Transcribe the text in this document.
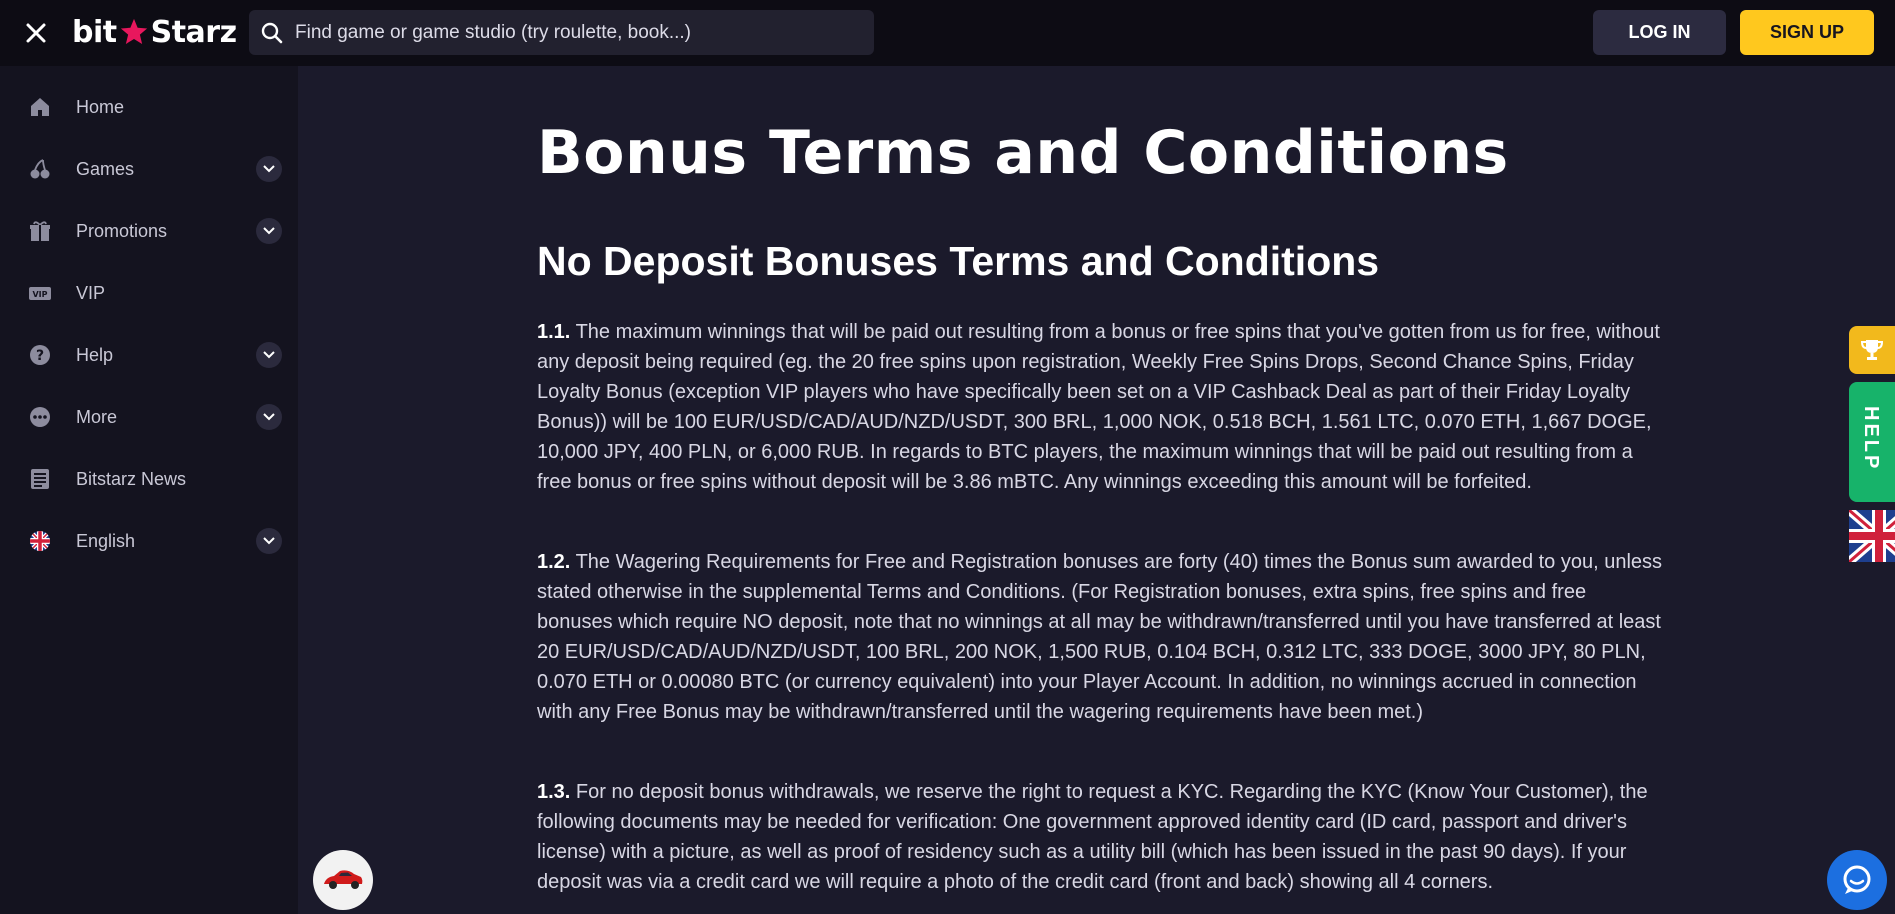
bit Starz
Find game or game studio (try roulette, book...)	LOG IN	SIGN UP
Home
Games
Promotions
VIP VIP
? Help
More
Bitstarz News
English
Bonus Terms and Conditions
No Deposit Bonuses Terms and Conditions

1.1. The maximum winnings that will be paid out resulting from a bonus or free spins that you've gotten from us for free, without any deposit being required (eg. the 20 free spins upon registration, Weekly Free Spins Drops, Second Chance Spins, Friday Loyalty Bonus (exception VIP players who have specifically been set on a VIP Cashback Deal as part of their Friday Loyalty Bonus)) will be 100 EUR/USD/CAD/AUD/NZD/USDT, 300 BRL, 1,000 NOK, 0.518 BCH, 1.561 LTC, 0.070 ETH, 1,667 DOGE, 10,000 JPY, 400 PLN, or 6,000 RUB. In regards to BTC players, the maximum winnings that will be paid out resulting from a free bonus or free spins without deposit will be 3.86 mBTC. Any winnings exceeding this amount will be forfeited.

1.2. The Wagering Requirements for Free and Registration bonuses are forty (40) times the Bonus sum awarded to you, unless stated otherwise in the supplemental Terms and Conditions. (For Registration bonuses, extra spins, free spins and free bonuses which require NO deposit, note that no winnings at all may be withdrawn/transferred until you have transferred at least 20 EUR/USD/CAD/AUD/NZD/USDT, 100 BRL, 200 NOK, 1,500 RUB, 0.104 BCH, 0.312 LTC, 333 DOGE, 3000 JPY, 80 PLN, 0.070 ETH or 0.00080 BTC (or currency equivalent) into your Player Account. In addition, no winnings accrued in connection with any Free Bonus may be withdrawn/transferred until the wagering requirements have been met.)

1.3. For no deposit bonus withdrawals, we reserve the right to request a KYC. Regarding the KYC (Know Your Customer), the following documents may be needed for verification: One government approved identity card (ID card, passport and driver's license) with a picture, as well as proof of residency such as a utility bill (which has been issued in the past 90 days). If your deposit was via a credit card we will require a photo of the credit card (front and back) showing all 4 corners.

HELP
